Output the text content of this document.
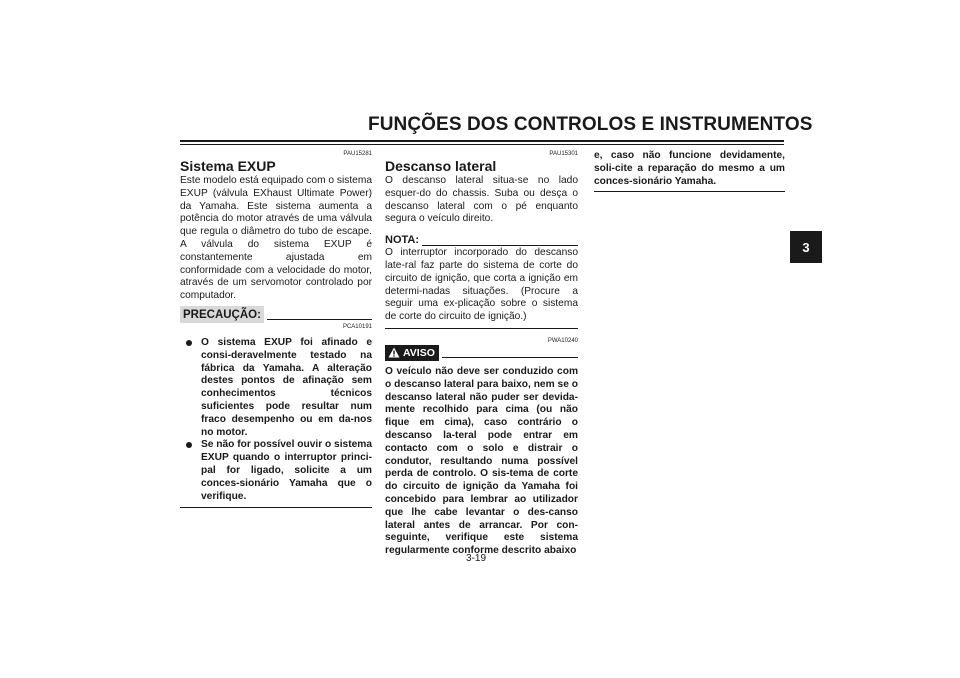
FUNÇÕES DOS CONTROLOS E INSTRUMENTOS
3
PAU15281
Sistema EXUP
Este modelo está equipado com o sistema EXUP (válvula EXhaust Ultimate Power) da Yamaha. Este sistema aumenta a potência do motor através de uma válvula que regula o diâmetro do tubo de escape. A válvula do sistema EXUP é constantemente ajustada em conformidade com a velocidade do motor, através de um servomotor controlado por computador.
PRECAUÇÃO:
PCA10191
O sistema EXUP foi afinado e consi-deravelmente testado na fábrica da Yamaha. A alteração destes pontos de afinação sem conhecimentos técnicos suficientes pode resultar num fraco desempenho ou em da-nos no motor.
Se não for possível ouvir o sistema EXUP quando o interruptor princi-pal for ligado, solicite a um conces-sionário Yamaha que o verifique.
PAU15301
Descanso lateral
O descanso lateral situa-se no lado esquer-do do chassis. Suba ou desça o descanso lateral com o pé enquanto segura o veículo direito.
NOTA:
O interruptor incorporado do descanso late-ral faz parte do sistema de corte do circuito de ignição, que corta a ignição em determi-nadas situações. (Procure a seguir uma ex-plicação sobre o sistema de corte do circuito de ignição.)
PWA10240
AVISO
O veículo não deve ser conduzido com o descanso lateral para baixo, nem se o descanso lateral não puder ser devida-mente recolhido para cima (ou não fique em cima), caso contrário o descanso la-teral pode entrar em contacto com o solo e distrair o condutor, resultando numa possível perda de controlo. O sis-tema de corte do circuito de ignição da Yamaha foi concebido para lembrar ao utilizador que lhe cabe levantar o des-canso lateral antes de arrancar. Por con-seguinte, verifique este sistema regularmente conforme descrito abaixo
e, caso não funcione devidamente, soli-cite a reparação do mesmo a um conces-sionário Yamaha.
3-19
